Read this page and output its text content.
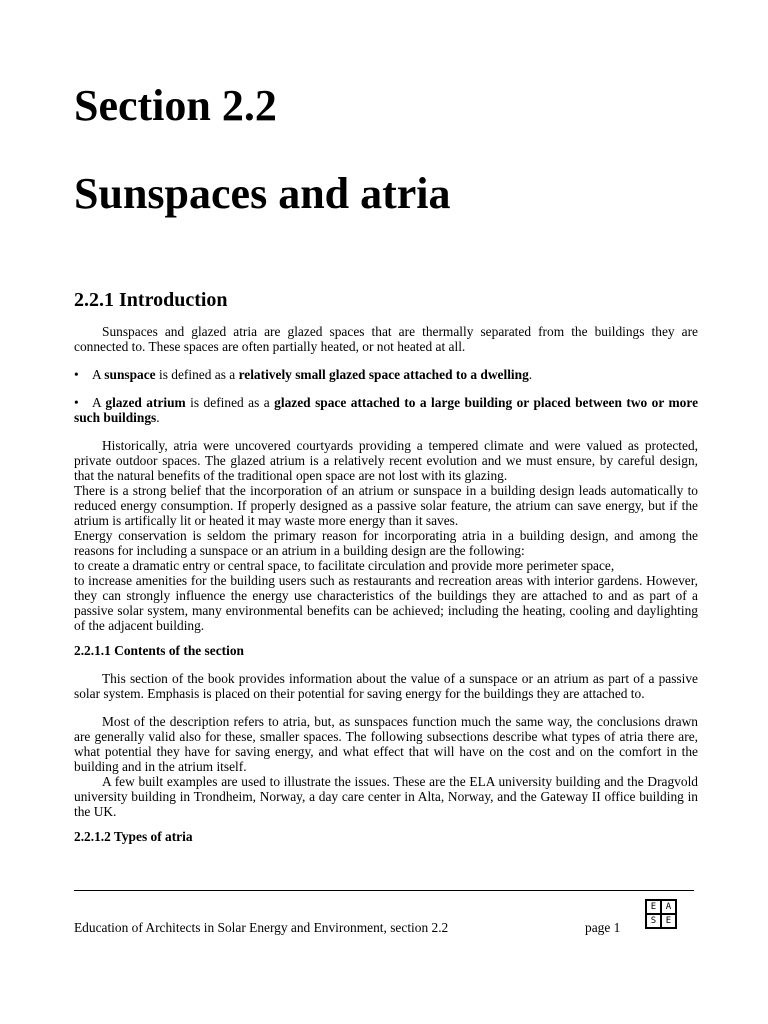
Section 2.2
Sunspaces and atria
2.2.1 Introduction

Sunspaces and glazed atria are glazed spaces that are thermally separated from the buildings they are connected to. These spaces are often partially heated, or not heated at all.

• A sunspace is defined as a relatively small glazed space attached to a dwelling.

• A glazed atrium is defined as a glazed space attached to a large building or placed between two or more such buildings.

Historically, atria were uncovered courtyards providing a tempered climate and were valued as protected, private outdoor spaces. The glazed atrium is a relatively recent evolution and we must ensure, by careful design, that the natural benefits of the traditional open space are not lost with its glazing.

There is a strong belief that the incorporation of an atrium or sunspace in a building design leads automatically to reduced energy consumption. If properly designed as a passive solar feature, the atrium can save energy, but if the atrium is artifically lit or heated it may waste more energy than it saves.

Energy conservation is seldom the primary reason for incorporating atria in a building design, and among the reasons for including a sunspace or an atrium in a building design are the following:

to create a dramatic entry or central space, to facilitate circulation and provide more perimeter space,

to increase amenities for the building users such as restaurants and recreation areas with interior gardens. However, they can strongly influence the energy use characteristics of the buildings they are attached to and as part of a passive solar system, many environmental benefits can be achieved; including the heating, cooling and daylighting of the adjacent building.

2.2.1.1 Contents of the section

This section of the book provides information about the value of a sunspace or an atrium as part of a passive solar system. Emphasis is placed on their potential for saving energy for the buildings they are attached to.

Most of the description refers to atria, but, as sunspaces function much the same way, the conclusions drawn are generally valid also for these, smaller spaces. The following subsections describe what types of atria there are, what potential they have for saving energy, and what effect that will have on the cost and on the comfort in the building and in the atrium itself.

A few built examples are used to illustrate the issues. These are the ELA university building and the Dragvold university building in Trondheim, Norway, a day care center in Alta, Norway, and the Gateway II office building in the UK.

2.2.1.2 Types of atria

E	A
S	E
Education of Architects in Solar Energy and Environment, section 2.2	page 1
